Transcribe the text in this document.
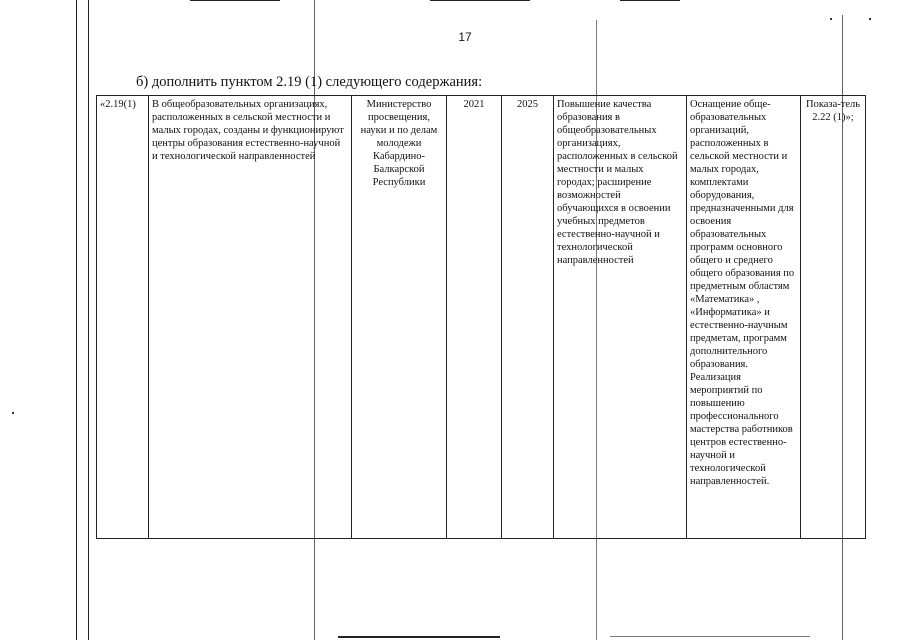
17
б) дополнить пунктом 2.19 (1) следующего содержания:
«2.19(1)	В общеобразовательных организациях, расположенных в сельской местности и малых городах, созданы и функционируют центры образования естественно-научной и технологической направленностей	Министерство просвещения, науки и по делам молодежи Кабардино-Балкарской Республики	2021	2025	Повышение качества образования в общеобразовательных организациях, расположенных в сельской местности и малых городах; расширение возможностей обучающихся в освоении учебных предметов естественно-научной и технологической направленностей	Оснащение обще-образовательных организаций, расположенных в сельской местности и малых городах, комплектами оборудования, предназначенными для освоения образовательных программ основного общего и среднего общего образования по предметным областям «Математика» , «Информатика» и естественно-научным предметам, программ дополнительного образования. Реализация мероприятий по повышению профессионального мастерства работников центров естественно-научной и технологической направленностей.	Показа-тель 2.22 (1)»;
